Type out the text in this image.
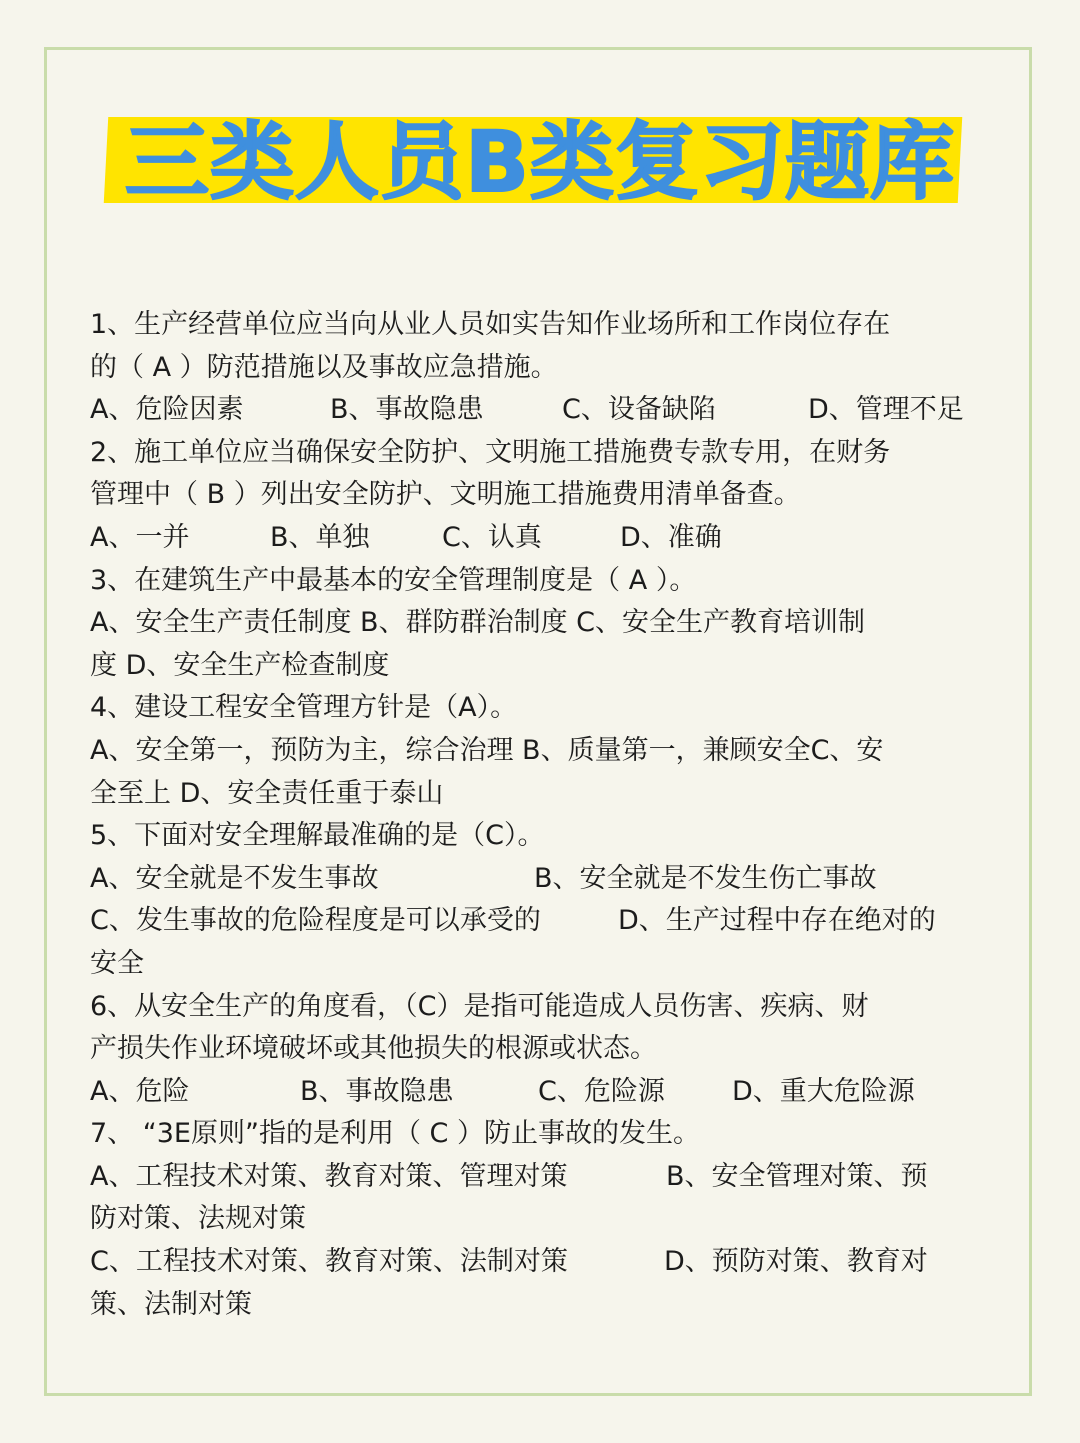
三类人员B类复习题库
1、生产经营单位应当向从业人员如实告知作业场所和工作岗位存在
的（ A ）防范措施以及事故应急措施。
A、危险因素	B、事故隐患	C、设备缺陷	D、管理不足
2、施工单位应当确保安全防护、文明施工措施费专款专用，在财务
管理中（ B ）列出安全防护、文明施工措施费用清单备查。
A、一并	B、单独	C、认真	D、准确
3、在建筑生产中最基本的安全管理制度是（ A ）。
A、安全生产责任制度 B、群防群治制度 C、安全生产教育培训制
度 D、安全生产检查制度
4、建设工程安全管理方针是（A）。
A、安全第一，预防为主，综合治理 B、质量第一，兼顾安全C、安
全至上 D、安全责任重于泰山
5、下面对安全理解最准确的是（C）。
A、安全就是不发生事故	B、安全就是不发生伤亡事故
C、发生事故的危险程度是可以承受的	D、生产过程中存在绝对的
安全
6、从安全生产的角度看，（C）是指可能造成人员伤害、疾病、财
产损失作业环境破坏或其他损失的根源或状态。
A、危险	B、事故隐患	C、危险源 D、重大危险源
7、 “3E原则”指的是利用（ C ）防止事故的发生。
A、工程技术对策、教育对策、管理对策	B、安全管理对策、预
防对策、法规对策
C、工程技术对策、教育对策、法制对策	D、预防对策、教育对
策、法制对策
